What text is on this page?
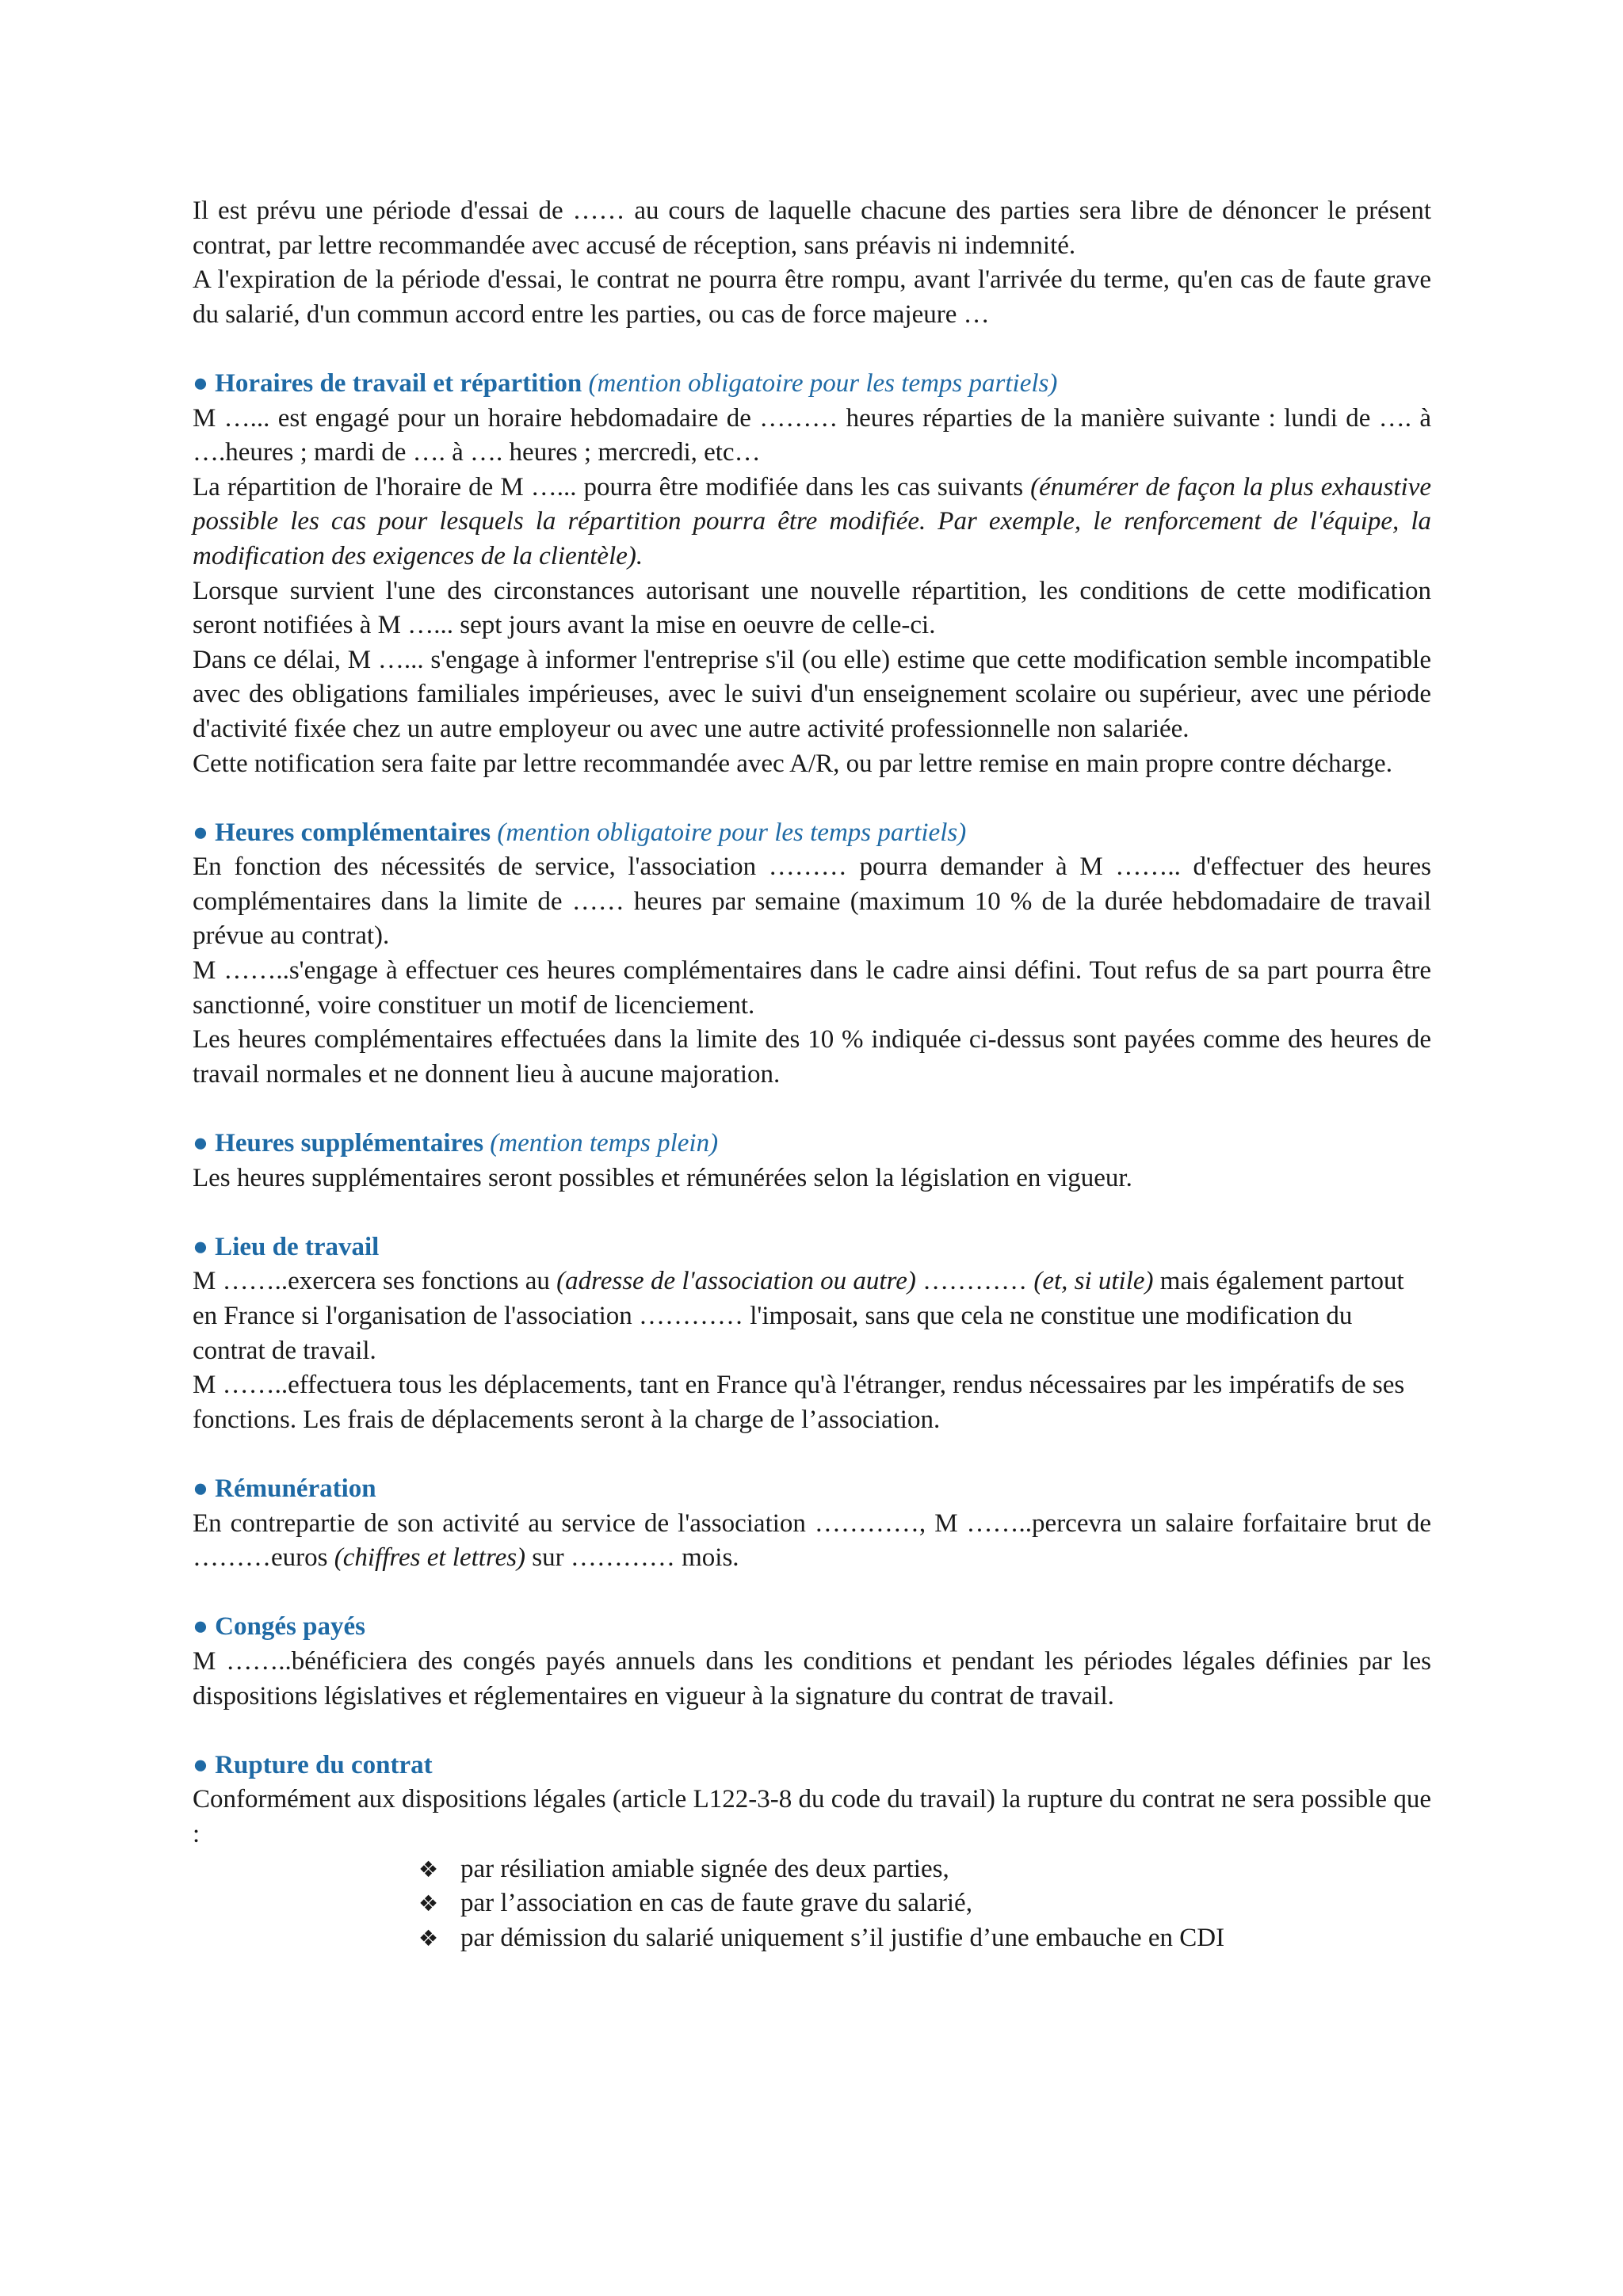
Il est prévu une période d'essai de …… au cours de laquelle chacune des parties sera libre de dénoncer le présent contrat, par lettre recommandée avec accusé de réception, sans préavis ni indemnité.

A l'expiration de la période d'essai, le contrat ne pourra être rompu, avant l'arrivée du terme, qu'en cas de faute grave du salarié, d'un commun accord entre les parties, ou cas de force majeure …

● Horaires de travail et répartition (mention obligatoire pour les temps partiels)

M …... est engagé pour un horaire hebdomadaire de ……… heures réparties de la manière suivante : lundi de …. à ….heures ; mardi de …. à …. heures ; mercredi, etc…

La répartition de l'horaire de M …... pourra être modifiée dans les cas suivants (énumérer de façon la plus exhaustive possible les cas pour lesquels la répartition pourra être modifiée. Par exemple, le renforcement de l'équipe, la modification des exigences de la clientèle).

Lorsque survient l'une des circonstances autorisant une nouvelle répartition, les conditions de cette modification seront notifiées à M …... sept jours avant la mise en oeuvre de celle-ci.

Dans ce délai, M …... s'engage à informer l'entreprise s'il (ou elle) estime que cette modification semble incompatible avec des obligations familiales impérieuses, avec le suivi d'un enseignement scolaire ou supérieur, avec une période d'activité fixée chez un autre employeur ou avec une autre activité professionnelle non salariée.

Cette notification sera faite par lettre recommandée avec A/R, ou par lettre remise en main propre contre décharge.

● Heures complémentaires (mention obligatoire pour les temps partiels)

En fonction des nécessités de service, l'association ……… pourra demander à M …….. d'effectuer des heures complémentaires dans la limite de …… heures par semaine (maximum 10 % de la durée hebdomadaire de travail prévue au contrat).

M ……..s'engage à effectuer ces heures complémentaires dans le cadre ainsi défini. Tout refus de sa part pourra être sanctionné, voire constituer un motif de licenciement.

Les heures complémentaires effectuées dans la limite des 10 % indiquée ci-dessus sont payées comme des heures de travail normales et ne donnent lieu à aucune majoration.

● Heures supplémentaires (mention temps plein)

Les heures supplémentaires seront possibles et rémunérées selon la législation en vigueur.

● Lieu de travail

M ……..exercera ses fonctions au (adresse de l'association ou autre) ………… (et, si utile) mais également partout en France si l'organisation de l'association ………… l'imposait, sans que cela ne constitue une modification du contrat de travail.

M ……..effectuera tous les déplacements, tant en France qu'à l'étranger, rendus nécessaires par les impératifs de ses fonctions. Les frais de déplacements seront à la charge de l’association.

● Rémunération

En contrepartie de son activité au service de l'association …………, M ……..percevra un salaire forfaitaire brut de ………euros (chiffres et lettres) sur ………… mois.

● Congés payés

M ……..bénéficiera des congés payés annuels dans les conditions et pendant les périodes légales définies par les dispositions législatives et réglementaires en vigueur à la signature du contrat de travail.

● Rupture du contrat

Conformément aux dispositions légales (article L122-3-8 du code du travail) la rupture du contrat ne sera possible que :

❖ par résiliation amiable signée des deux parties,
❖ par l’association en cas de faute grave du salarié,
❖ par démission du salarié uniquement s’il justifie d’une embauche en CDI
